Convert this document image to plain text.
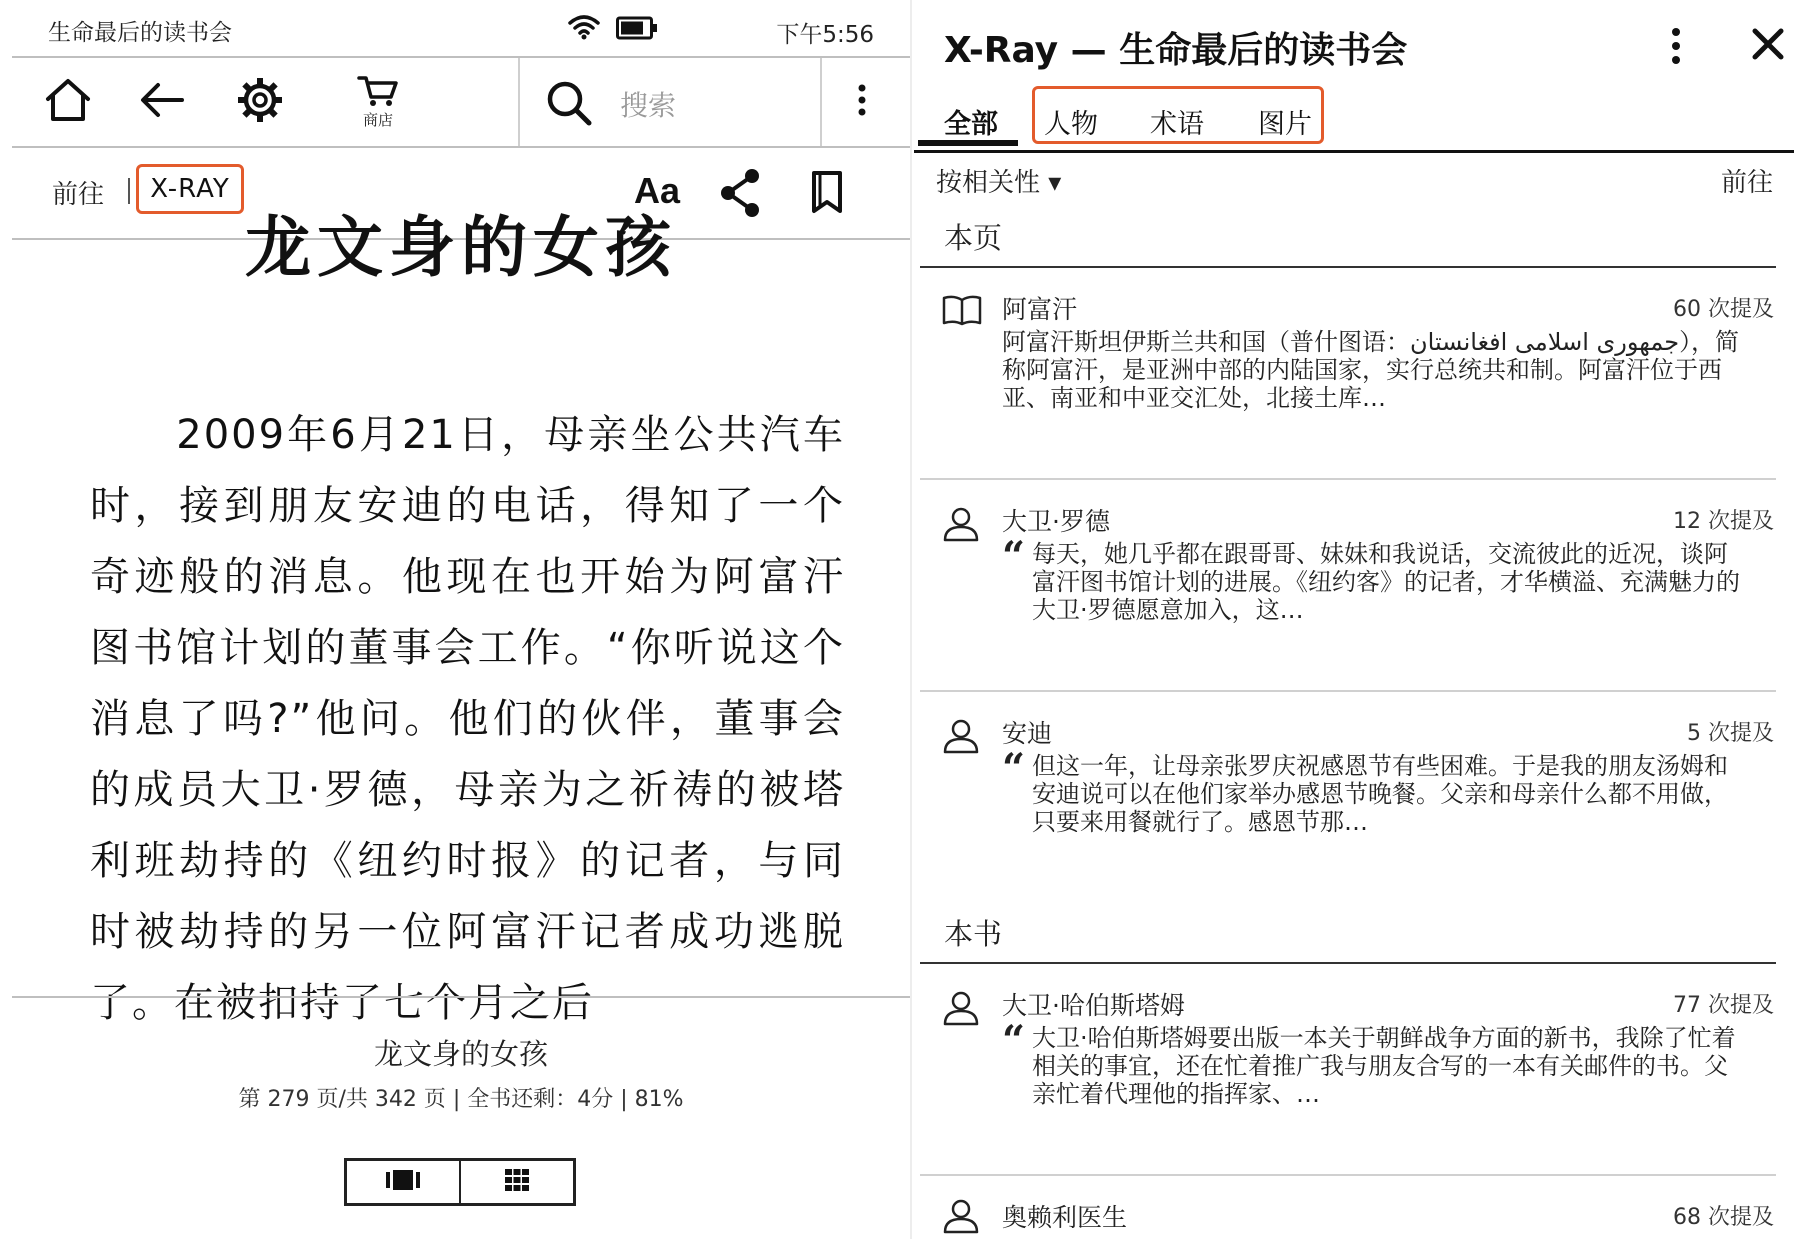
生命最后的读书会	下午5:56
商店	搜索
前往	X-RAY	Aa
龙文身的女孩

　　2009年6月21日，母亲坐公共汽车时，接到朋友安迪的电话，得知了一个奇迹般的消息。他现在也开始为阿富汗图书馆计划的董事会工作。“你听说这个消息了吗?”他问。他们的伙伴，董事会的成员大卫·罗德，母亲为之祈祷的被塔利班劫持的《纽约时报》的记者，与同时被劫持的另一位阿富汗记者成功逃脱了。在被扣持了七个月之后

龙文身的女孩
第 279 页/共 342 页 | 全书还剩：4分 | 81%
X-Ray — 生命最后的读书会
全部 人物 术语 图片
按相关性 ▾	前往
本页
阿富汗	60 次提及
阿富汗斯坦伊斯兰共和国（普什图语：جمهوری اسلامی افغانستان），简称阿富汗，是亚洲中部的内陆国家，实行总统共和制。阿富汗位于西亚、南亚和中亚交汇处，北接土库…
大卫·罗德	12 次提及
“ 每天，她几乎都在跟哥哥、妹妹和我说话，交流彼此的近况，谈阿富汗图书馆计划的进展。《纽约客》的记者，才华横溢、充满魅力的大卫·罗德愿意加入，这…
安迪	5 次提及
“ 但这一年，让母亲张罗庆祝感恩节有些困难。于是我的朋友汤姆和安迪说可以在他们家举办感恩节晚餐。父亲和母亲什么都不用做，只要来用餐就行了。感恩节那…
本书
大卫·哈伯斯塔姆	77 次提及
“ 大卫·哈伯斯塔姆要出版一本关于朝鲜战争方面的新书，我除了忙着相关的事宜，还在忙着推广我与朋友合写的一本有关邮件的书。父亲忙着代理他的指挥家、…
奥赖利医生	68 次提及
